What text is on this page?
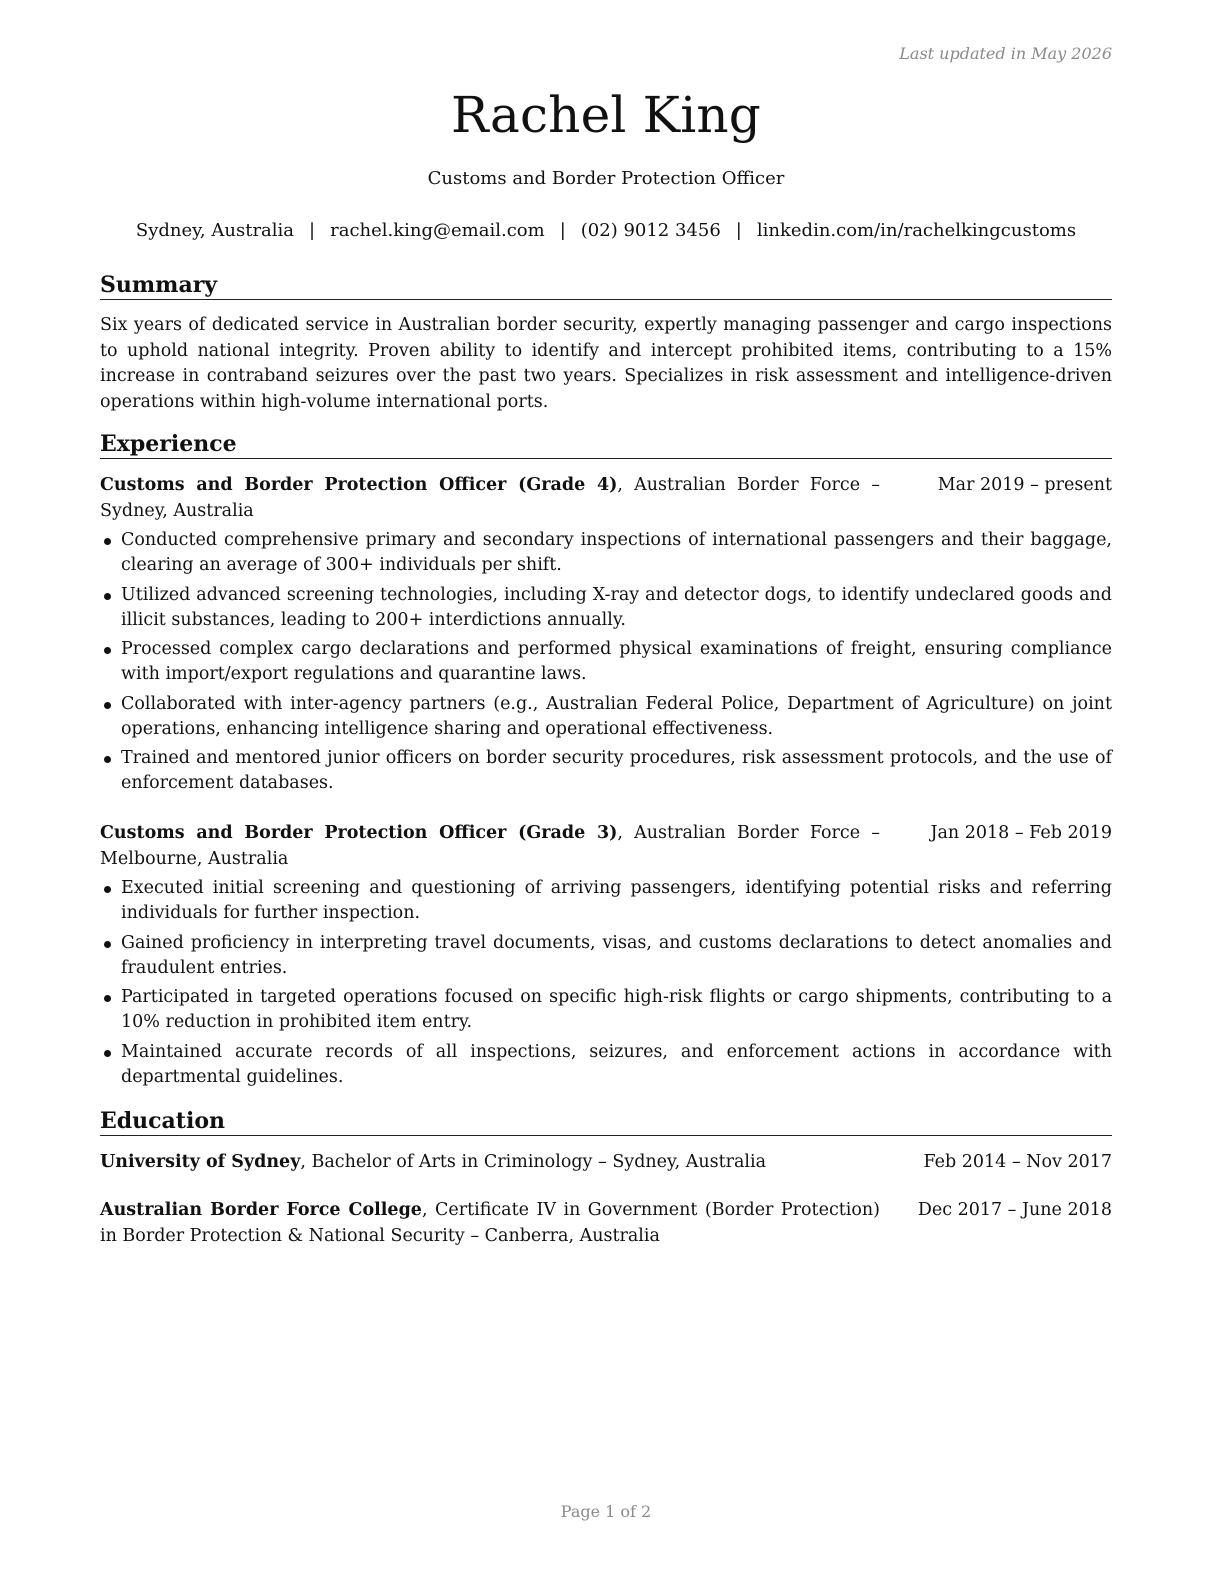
Last updated in May 2026
Rachel King
Customs and Border Protection Officer
Sydney, Australia | rachel.king@email.com | (02) 9012 3456 | linkedin.com/in/rachelkingcustoms
Summary
Six years of dedicated service in Australian border security, expertly managing passenger and cargo inspections to uphold national integrity. Proven ability to identify and intercept prohibited items, contributing to a 15% increase in contraband seizures over the past two years. Specializes in risk assessment and intelligence-driven operations within high-volume international ports.
Experience
Customs and Border Protection Officer (Grade 4), Australian Border Force – Sydney, Australia
Mar 2019 – present
Conducted comprehensive primary and secondary inspections of international passengers and their baggage, clearing an average of 300+ individuals per shift.
Utilized advanced screening technologies, including X-ray and detector dogs, to identify undeclared goods and illicit substances, leading to 200+ interdictions annually.
Processed complex cargo declarations and performed physical examinations of freight, ensuring compliance with import/export regulations and quarantine laws.
Collaborated with inter-agency partners (e.g., Australian Federal Police, Department of Agriculture) on joint operations, enhancing intelligence sharing and operational effectiveness.
Trained and mentored junior officers on border security procedures, risk assessment protocols, and the use of enforcement databases.
Customs and Border Protection Officer (Grade 3), Australian Border Force – Melbourne, Australia
Jan 2018 – Feb 2019
Executed initial screening and questioning of arriving passengers, identifying potential risks and referring individuals for further inspection.
Gained proficiency in interpreting travel documents, visas, and customs declarations to detect anomalies and fraudulent entries.
Participated in targeted operations focused on specific high-risk flights or cargo shipments, contributing to a 10% reduction in prohibited item entry.
Maintained accurate records of all inspections, seizures, and enforcement actions in accordance with departmental guidelines.
Education
University of Sydney, Bachelor of Arts in Criminology – Sydney, Australia	Feb 2014 – Nov 2017
Australian Border Force College, Certificate IV in Government (Border Protection) in Border Protection & National Security – Canberra, Australia
Dec 2017 – June 2018
Page 1 of 2
